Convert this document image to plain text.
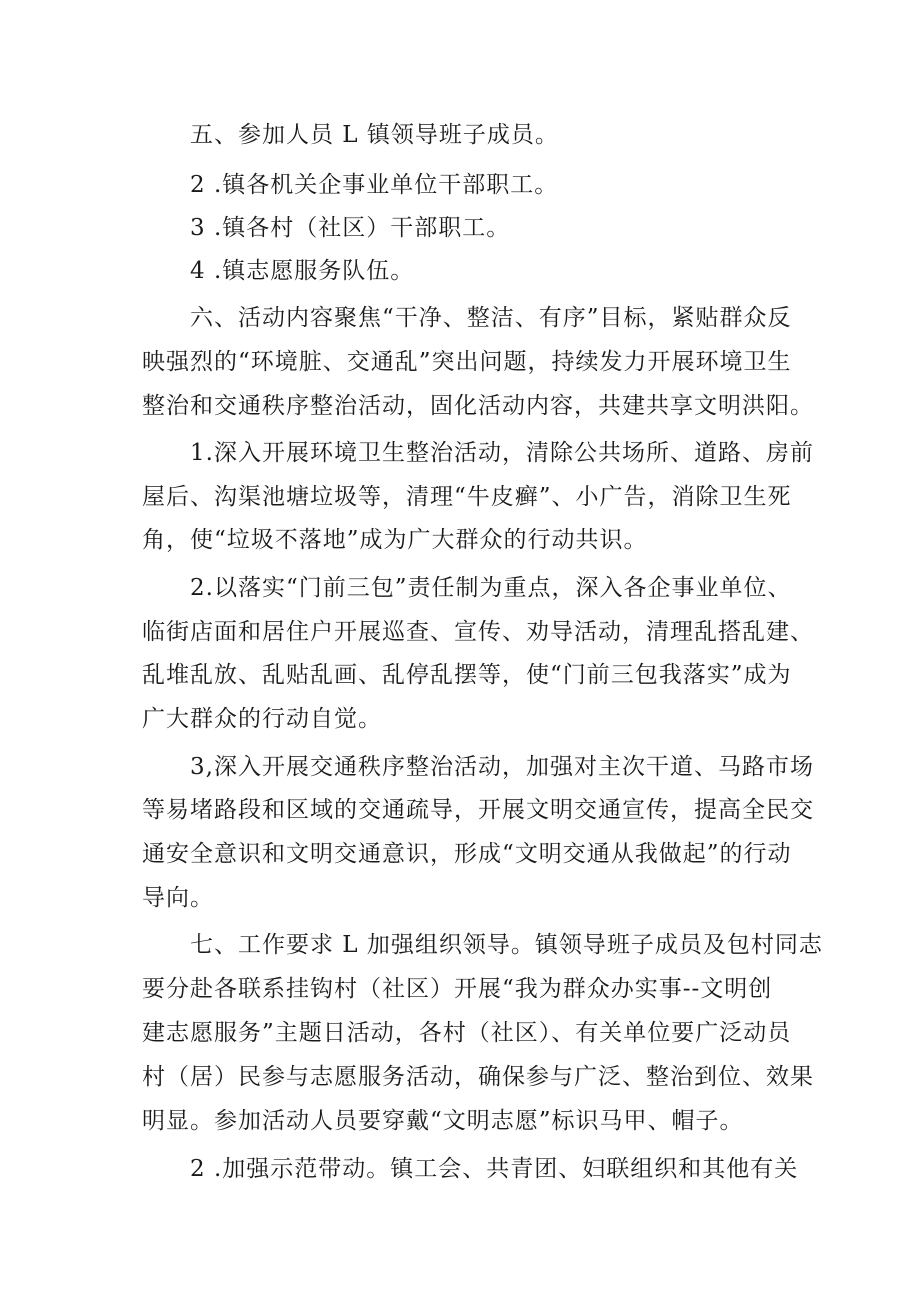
五、参加人员 L 镇领导班子成员。
2 .镇各机关企事业单位干部职工。
3 .镇各村（社区）干部职工。
4 .镇志愿服务队伍。
六、活动内容聚焦“干净、整洁、有序”目标，紧贴群众反
映强烈的“环境脏、交通乱”突出问题，持续发力开展环境卫生
整治和交通秩序整治活动，固化活动内容，共建共享文明洪阳。
1.深入开展环境卫生整治活动，清除公共场所、道路、房前
屋后、沟渠池塘垃圾等，清理“牛皮癣”、小广告，消除卫生死
角，使“垃圾不落地”成为广大群众的行动共识。
2.以落实“门前三包”责任制为重点，深入各企事业单位、
临街店面和居住户开展巡查、宣传、劝导活动，清理乱搭乱建、
乱堆乱放、乱贴乱画、乱停乱摆等，使“门前三包我落实”成为
广大群众的行动自觉。
3,深入开展交通秩序整治活动，加强对主次干道、马路市场
等易堵路段和区域的交通疏导，开展文明交通宣传，提高全民交
通安全意识和文明交通意识，形成“文明交通从我做起”的行动
导向。
七、工作要求 L 加强组织领导。镇领导班子成员及包村同志
要分赴各联系挂钩村（社区）开展“我为群众办实事--文明创
建志愿服务”主题日活动，各村（社区）、有关单位要广泛动员
村（居）民参与志愿服务活动，确保参与广泛、整治到位、效果
明显。参加活动人员要穿戴“文明志愿”标识马甲、帽子。
2 .加强示范带动。镇工会、共青团、妇联组织和其他有关
